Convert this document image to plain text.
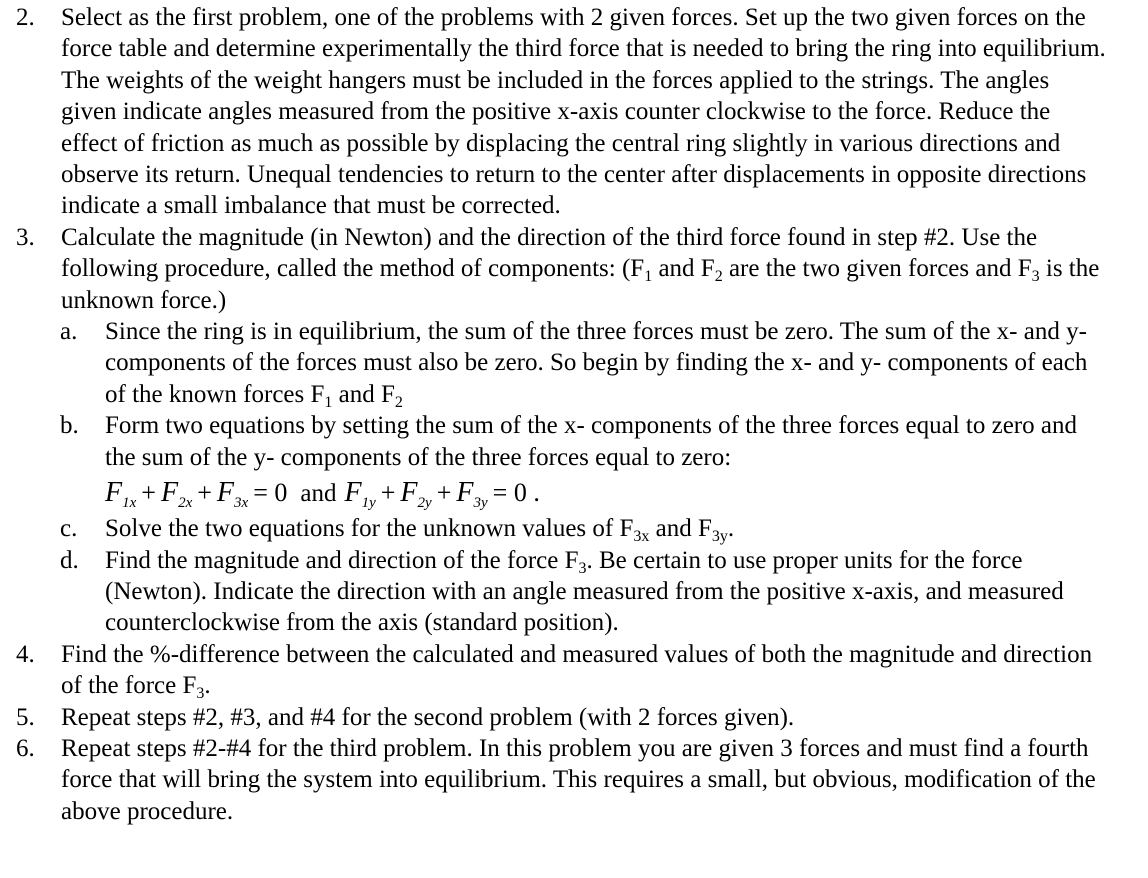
2. Select as the first problem, one of the problems with 2 given forces. Set up the two given forces on the force table and determine experimentally the third force that is needed to bring the ring into equilibrium. The weights of the weight hangers must be included in the forces applied to the strings. The angles given indicate angles measured from the positive x-axis counter clockwise to the force. Reduce the effect of friction as much as possible by displacing the central ring slightly in various directions and observe its return. Unequal tendencies to return to the center after displacements in opposite directions indicate a small imbalance that must be corrected.
3. Calculate the magnitude (in Newton) and the direction of the third force found in step #2. Use the following procedure, called the method of components: ($F_1$ and $F_2$ are the two given forces and $F_3$ is the unknown force.)
a. Since the ring is in equilibrium, the sum of the three forces must be zero. The sum of the x- and y- components of the forces must also be zero. So begin by finding the x- and y- components of each of the known forces $F_1$ and $F_2$
b. Form two equations by setting the sum of the x- components of the three forces equal to zero and the sum of the y- components of the three forces equal to zero:
$F_{1x} + F_{2x} + F_{3x} = 0$ and $F_{1y} + F_{2y} + F_{3y} = 0$ .
c. Solve the two equations for the unknown values of $F_{3x}$ and $F_{3y}$.
d. Find the magnitude and direction of the force $F_3$. Be certain to use proper units for the force (Newton). Indicate the direction with an angle measured from the positive x-axis, and measured counterclockwise from the axis (standard position).
4. Find the %-difference between the calculated and measured values of both the magnitude and direction of the force $F_3$.
5. Repeat steps #2, #3, and #4 for the second problem (with 2 forces given).
6. Repeat steps #2-#4 for the third problem. In this problem you are given 3 forces and must find a fourth force that will bring the system into equilibrium. This requires a small, but obvious, modification of the above procedure.
